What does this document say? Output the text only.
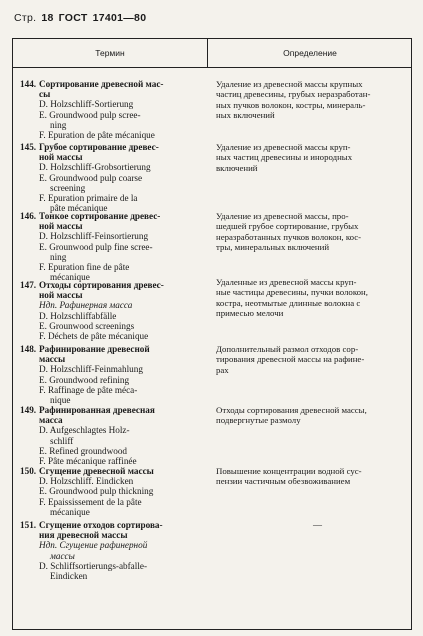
Стр. 18 ГОСТ 17401—80
Термин	Определение
144. Сортирование древесной мас-
сы
D. Holzschliff-Sortierung
E. Groundwood pulp scree-
ning
F. Epuration de pâte mécanique
Удаление из древесной массы крупных
частиц древесины, грубых неразработан-
ных пучков волокон, костры, минераль-
ных включений
145. Грубое сортирование древес-
ной массы
D. Holzschliff-Grobsortierung
E. Groundwood pulp coarse
screening
F. Epuration primaire de la
pâte mécanique
Удаление из древесной массы круп-
ных частиц древесины и инородных
включений
146. Тонкое сортирование древес-
ной массы
D. Holzschliff-Feinsortierung
E. Grounwood pulp fine scree-
ning
F. Epuration fine de pâte
mécanique
Удаление из древесной массы, про-
шедшей грубое сортирование, грубых
неразработанных пучков волокон, кос-
тры, минеральных включений
147. Отходы сортирования древес-
ной массы
Ндп. Рафинерная масса
D. Holzschliffabfälle
E. Grounwood screenings
F. Déchets de pâte mécanique
Удаленные из древесной массы круп-
ные частицы древесины, пучки волокон,
костра, неотмытые длинные волокна с
примесью мелочи
148. Рафинирование древесной
массы
D. Holzschliff-Feinmahlung
E. Groundwood refining
F. Raffinage de pâte méca-
nique
Дополнительный размол отходов сор-
тирования древесной массы на рафине-
рах
149. Рафинированная древесная
масса
D. Aufgeschlagtes Holz-
schliff
E. Refined groundwood
F. Pâte mécanique raffinée
Отходы сортирования древесной массы,
подвергнутые размолу
150. Сгущение древесной массы
D. Holzschliff. Eindicken
E. Groundwood pulp thickning
F. Epaississement de la pâte
mécanique
Повышение концентрации водной сус-
пензии частичным обезвоживанием
151. Сгущение отходов сортирова-
ния древесной массы
Ндп. Сгущение рафинерной
массы
D. Schliffsortierungs-abfalle-
Eindicken
—
